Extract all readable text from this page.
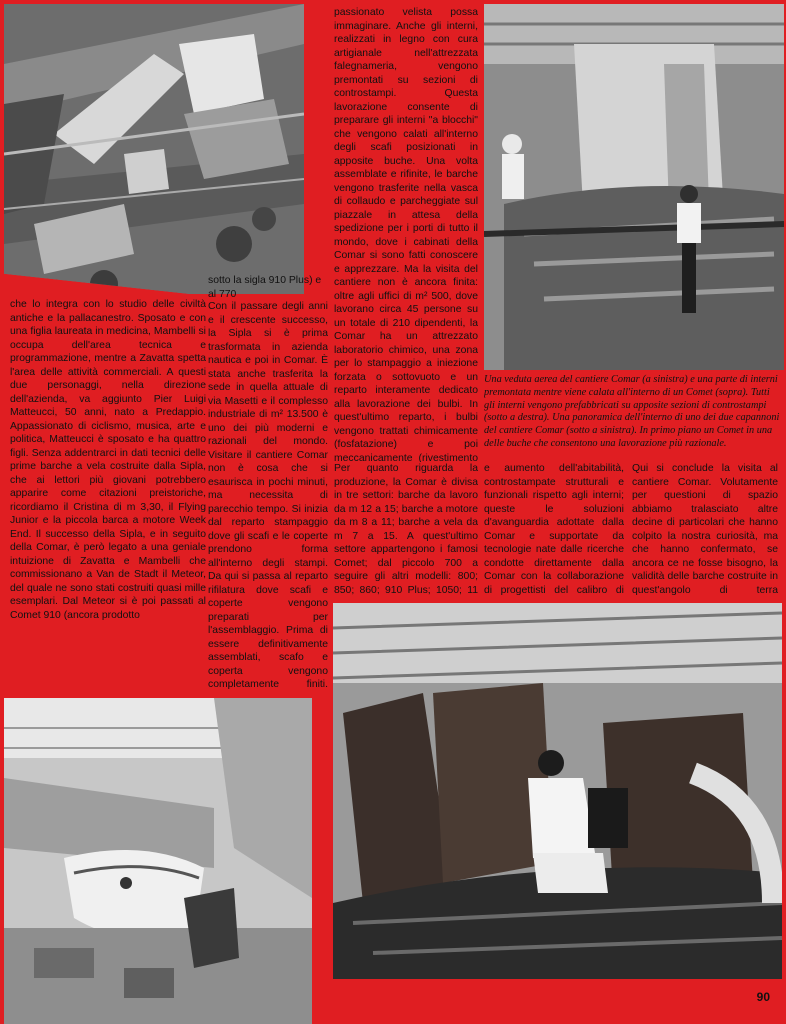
che lo integra con lo studio delle civiltà antiche e la pallacanestro. Sposato e con una figlia laureata in medicina, Mambelli si occupa dell'area tecnica e programmazione, mentre a Zavatta spetta l'area delle attività commerciali. A questi due personaggi, nella direzione dell'azienda, va aggiunto Pier Luigi Matteucci, 50 anni, nato a Predappio. Appassionato di ciclismo, musica, arte e politica, Matteucci è sposato e ha quattro figli. Senza addentrarci in dati tecnici delle prime barche a vela costruite dalla Sipla, che ai lettori più giovani potrebbero apparire come citazioni preistoriche, ricordiamo il Cristina di m 3,30, il Flying Junior e la piccola barca a motore Week End. Il successo della Sipla, e in seguito della Comar, è però legato a una geniale intuizione di Zavatta e Mambelli che commissionano a Van de Stadt il Meteor, del quale ne sono stati costruiti quasi mille esemplari. Dal Meteor si è poi passati al Comet 910 (ancora prodotto

sotto la sigla 910 Plus) e al 770

Con il passare degli anni e il crescente successo, la Sipla si è prima trasformata in azienda nautica e poi in Comar. È stata anche trasferita la sede in quella attuale di via Masetti e il complesso industriale di m² 13.500 è uno dei più moderni e razionali del mondo. Visitare il cantiere Comar non è cosa che si esaurisca in pochi minuti, ma necessita di parecchio tempo. Si inizia dal reparto stampaggio dove gli scafi e le coperte prendono forma all'interno degli stampi. Da qui si passa al reparto rifilatura dove scafi e coperte vengono preparati per l'assemblaggio. Prima di essere definitivamente assemblati, scafo e coperta vengono completamente finiti.

passionato velista possa immaginare. Anche gli interni, realizzati in legno con cura artigianale nell'attrezzata falegnameria, vengono premontati su sezioni di controstampi. Questa lavorazione consente di preparare gli interni "a blocchi" che vengono calati all'interno degli scafi posizionati in apposite buche. Una volta assemblate e rifinite, le barche vengono trasferite nella vasca di collaudo e parcheggiate sul piazzale in attesa della spedizione per i porti di tutto il mondo, dove i cabinati della Comar si sono fatti conoscere e apprezzare. Ma la visita del cantiere non è ancora finita: oltre agli uffici di m² 500, dove lavorano circa 45 persone su un totale di 210 dipendenti, la Comar ha un attrezzato laboratorio chimico, una zona per lo stampaggio a iniezione forzata o sottovuoto e un reparto interamente dedicato alla lavorazione dei bulbi. In quest'ultimo reparto, i bulbi vengono trattati chimicamente (fosfatazione) e poi meccanicamente (rivestimento

Per quanto riguarda la produzione, la Comar è divisa in tre settori: barche da lavoro da m 12 a 15; barche a motore da m 8 a 11; barche a vela da m 7 a 15. A quest'ultimo settore appartengono i famosi Comet; dal piccolo 700 a seguire gli altri modelli: 800; 850; 860; 910 Plus; 1050; 11

e aumento dell'abitabilità, controstampate strutturali e funzionali rispetto agli interni; queste le soluzioni d'avanguardia adottate dalla Comar e supportate da tecnologie nate dalle ricerche condotte direttamente dalla Comar con la collaborazione di progettisti del calibro di

Qui si conclude la visita al cantiere Comar. Volutamente per questioni di spazio abbiamo tralasciato altre decine di particolari che hanno colpito la nostra curiosità, ma che hanno confermato, se ancora ce ne fosse bisogno, la validità delle barche costruite in quest'angolo di terra

Una veduta aerea del cantiere Comar (a sinistra) e una parte di interni premontata mentre viene calata all'interno di un Comet (sopra). Tutti gli interni vengono prefabbricati su apposite sezioni di controstampi (sotto a destra). Una panoramica dell'interno di uno dei due capannoni del cantiere Comar (sotto a sinistra). In primo piano un Comet in una delle buche che consentono una lavorazione più razionale.

90
